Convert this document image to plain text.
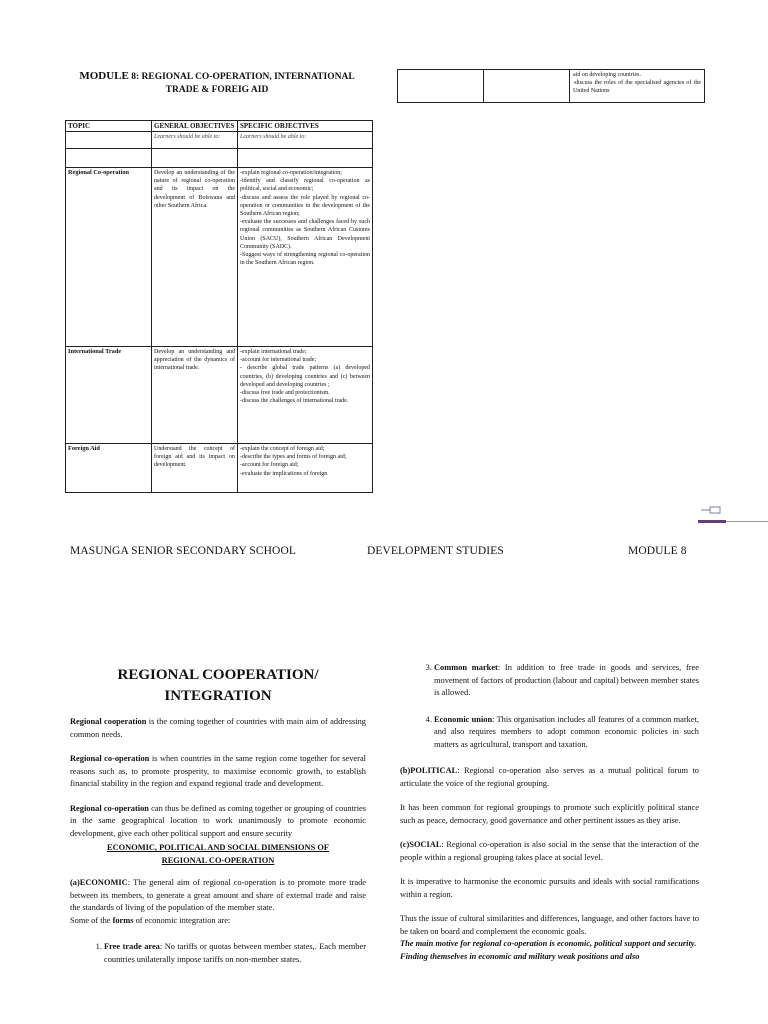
MODULE 8: REGIONAL CO-OPERATION, INTERNATIONAL
TRADE & FOREIG AID
TOPIC	GENERAL OBJECTIVES	SPECIFIC OBJECTIVES
	Learners should be able to:	Learners should be able to:

Regional Co-operation	Develop an understanding of the nature of regional co-operation and its impact on the development of Botswana and other Southern Africa.	-explain regional co-operation/integration;
-identify and classify regional co-operation as political, social and economic;
-discuss and assess the role played by regional co-operation or communities in the development of the Southern African region;
-evaluate the successes and challenges faced by such regional communities as Southern African Customs Union (SACU), Southern African Development Community (SADC).
-Suggest ways of strengthening regional co-operation in the Southern African region.

International Trade	Develop an understanding and appreciation of the dynamics of international trade.	-explain international trade;
-account for international trade;
- describe global trade patterns (a) developed countries, (b) developing countries and (c) between developed and developing countries ;
-discuss free trade and protectionism.
-discuss the challenges of international trade.

Foreign Aid	Understand the concept of foreign aid and its impact on development.	-explain the concept of foreign aid;
-describe the types and forms of foreign aid;
-account for foreign aid;
-evaluate the implications of foreign

aid on developing countries.
-discuss the roles of the specialised agencies of the United Nations
MASUNGA SENIOR SECONDARY SCHOOL	DEVELOPMENT STUDIES	MODULE 8
REGIONAL COOPERATION/
INTEGRATION

Regional cooperation is the coming together of countries with main aim of addressing common needs.

Regional co-operation is when countries in the same region come together for several reasons such as, to promote prosperity, to maximise economic growth, to establish financial stability in the region and expand regional trade and development.

Regional co-operation can thus be defined as coming together or grouping of countries in the same geographical location to work unanimously to promote economic development, give each other political support and ensure security

ECONOMIC, POLITICAL AND SOCIAL DIMENSIONS OF
REGIONAL CO-OPERATION

(a)ECONOMIC: The general aim of regional co-operation is to promote more trade between its members, to generate a great amount and share of external trade and raise the standards of living of the population of the member state.

Some of the forms of economic integration are:

1. Free trade area: No tariffs or quotas between member states,. Each member countries unilaterally impose tariffs on non-member states.
3. Common market: In addition to free trade in goods and services, free movement of factors of production (labour and capital) between member states is allowed.
4. Economic union: This organisation includes all features of a common market, and also requires members to adopt common economic policies in such matters as agricultural, transport and taxation.

(b)POLITICAL: Regional co-operation also serves as a mutual political forum to articulate the voice of the regional grouping.

It has been common for regional groupings to promote such explicitly political stance such as peace, democracy, good governance and other pertinent issues as they arise.

(c)SOCIAL: Regional co-operation is also social in the sense that the interaction of the people within a regional grouping takes place at social level.

It is imperative to harmonise the economic pursuits and ideals with social ramifications within a region.

Thus the issue of cultural similarities and differences, language, and other factors have to be taken on board and complement the economic goals.

The main motive for regional co-operation is economic, political support and security.

Finding themselves in economic and military weak positions and also
